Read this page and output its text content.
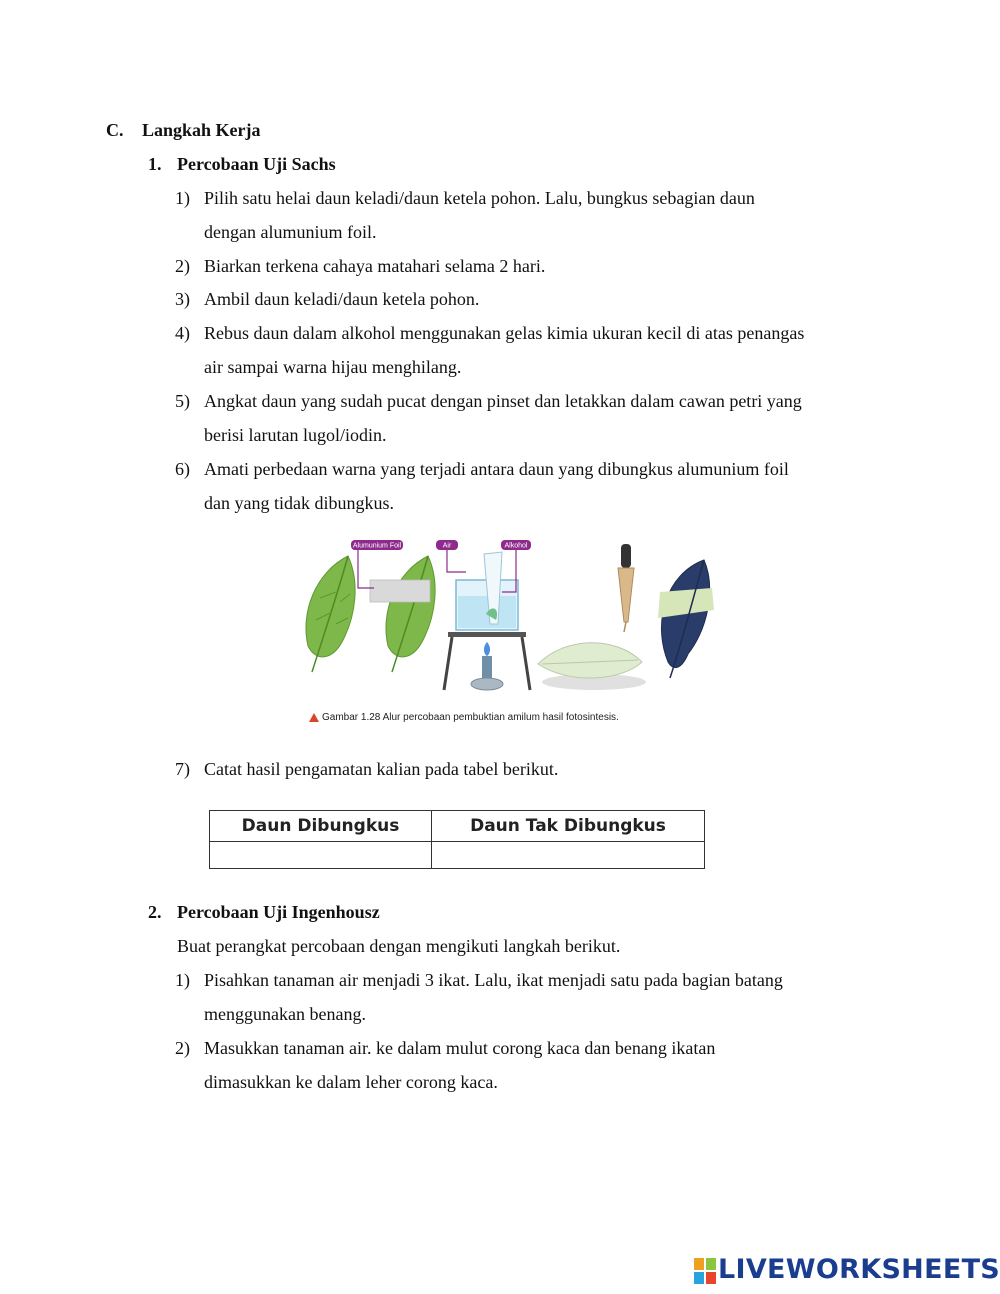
C. Langkah Kerja
1. Percobaan Uji Sachs
1) Pilih satu helai daun keladi/daun ketela pohon. Lalu, bungkus sebagian daun
dengan alumunium foil.
2) Biarkan terkena cahaya matahari selama 2 hari.
3) Ambil daun keladi/daun ketela pohon.
4) Rebus daun dalam alkohol menggunakan gelas kimia ukuran kecil di atas penangas
air sampai warna hijau menghilang.
5) Angkat daun yang sudah pucat dengan pinset dan letakkan dalam cawan petri yang
berisi larutan lugol/iodin.
6) Amati perbedaan warna yang terjadi antara daun yang dibungkus alumunium foil
dan yang tidak dibungkus.
Alumunium Foil	Air	Alkohol
Gambar 1.28 Alur percobaan pembuktian amilum hasil fotosintesis.
7) Catat hasil pengamatan kalian pada tabel berikut.
Daun Dibungkus	Daun Tak Dibungkus

2. Percobaan Uji Ingenhousz
Buat perangkat percobaan dengan mengikuti langkah berikut.
1) Pisahkan tanaman air menjadi 3 ikat. Lalu, ikat menjadi satu pada bagian batang
menggunakan benang.
2) Masukkan tanaman air. ke dalam mulut corong kaca dan benang ikatan
dimasukkan ke dalam leher corong kaca.
LIVEWORKSHEETS
